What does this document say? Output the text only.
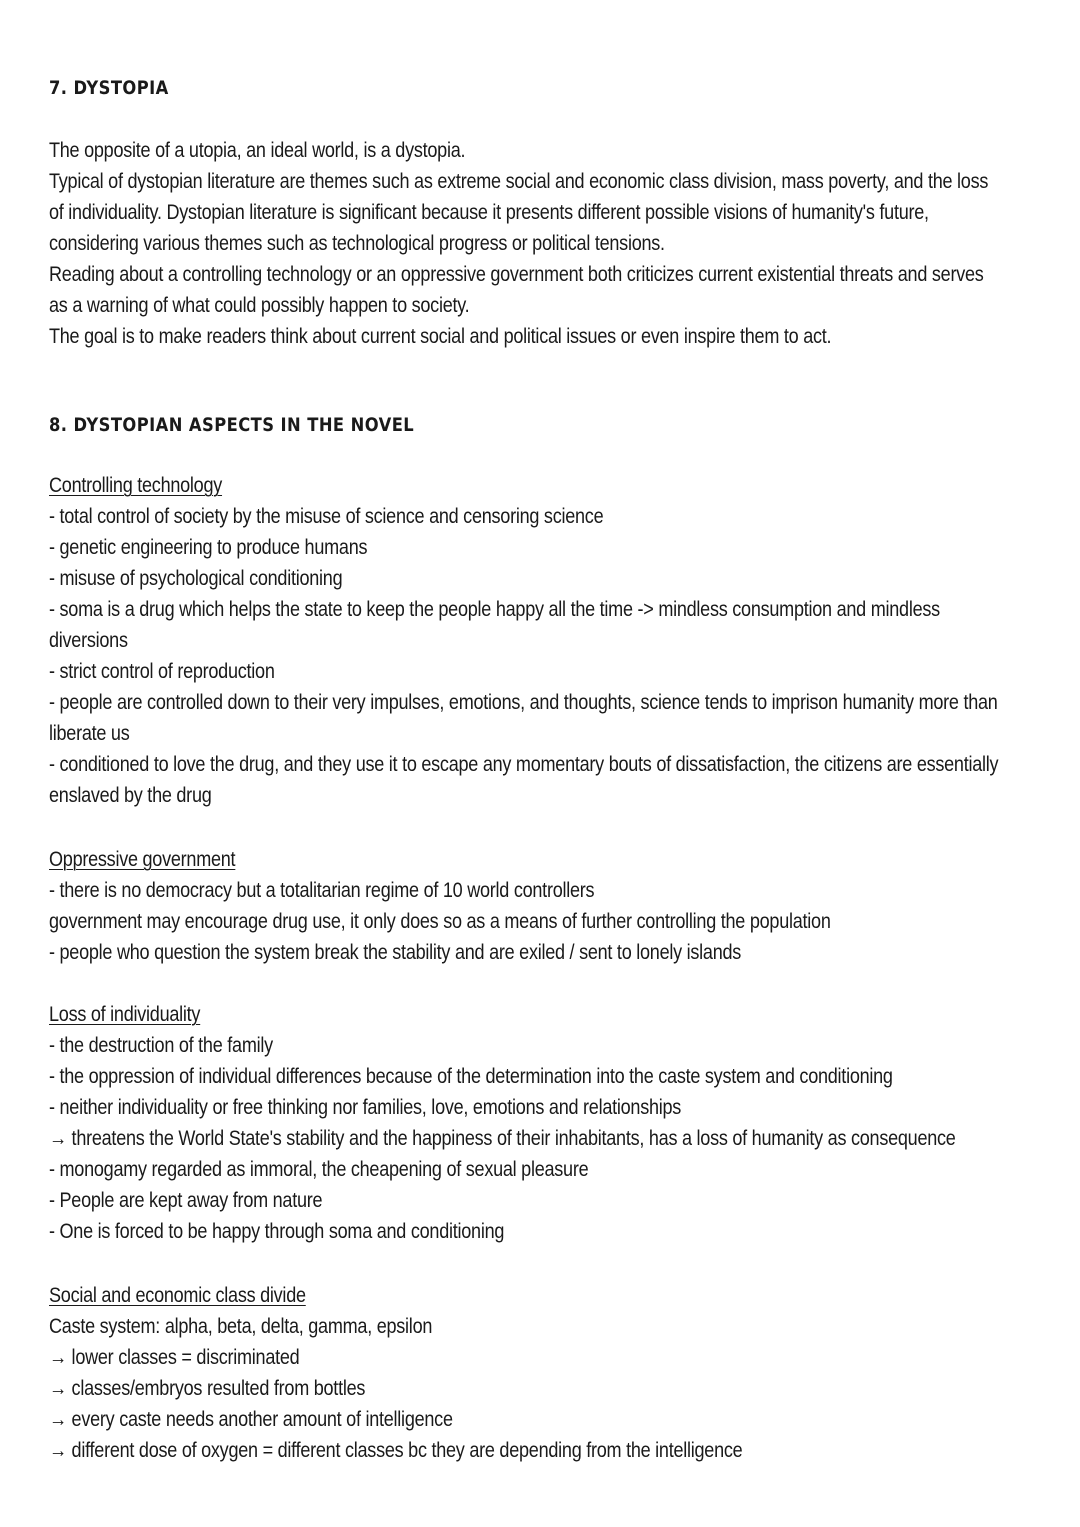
7. DYSTOPIA
The opposite of a utopia, an ideal world, is a dystopia.
Typical of dystopian literature are themes such as extreme social and economic class division, mass poverty, and the loss
of individuality. Dystopian literature is significant because it presents different possible visions of humanity's future,
considering various themes such as technological progress or political tensions.
Reading about a controlling technology or an oppressive government both criticizes current existential threats and serves
as a warning of what could possibly happen to society.
The goal is to make readers think about current social and political issues or even inspire them to act.
8. DYSTOPIAN ASPECTS IN THE NOVEL
Controlling technology
- total control of society by the misuse of science and censoring science
- genetic engineering to produce humans
- misuse of psychological conditioning
- soma is a drug which helps the state to keep the people happy all the time -> mindless consumption and mindless
diversions
- strict control of reproduction
- people are controlled down to their very impulses, emotions, and thoughts, science tends to imprison humanity more than
liberate us
- conditioned to love the drug, and they use it to escape any momentary bouts of dissatisfaction, the citizens are essentially
enslaved by the drug
Oppressive government
- there is no democracy but a totalitarian regime of 10 world controllers
government may encourage drug use, it only does so as a means of further controlling the population
- people who question the system break the stability and are exiled / sent to lonely islands
Loss of individuality
- the destruction of the family
- the oppression of individual differences because of the determination into the caste system and conditioning
- neither individuality or free thinking nor families, love, emotions and relationships
→ threatens the World State's stability and the happiness of their inhabitants, has a loss of humanity as consequence
- monogamy regarded as immoral, the cheapening of sexual pleasure
- People are kept away from nature
- One is forced to be happy through soma and conditioning
Social and economic class divide
Caste system: alpha, beta, delta, gamma, epsilon
→ lower classes = discriminated
→ classes/embryos resulted from bottles
→ every caste needs another amount of intelligence
→ different dose of oxygen = different classes bc they are depending from the intelligence
